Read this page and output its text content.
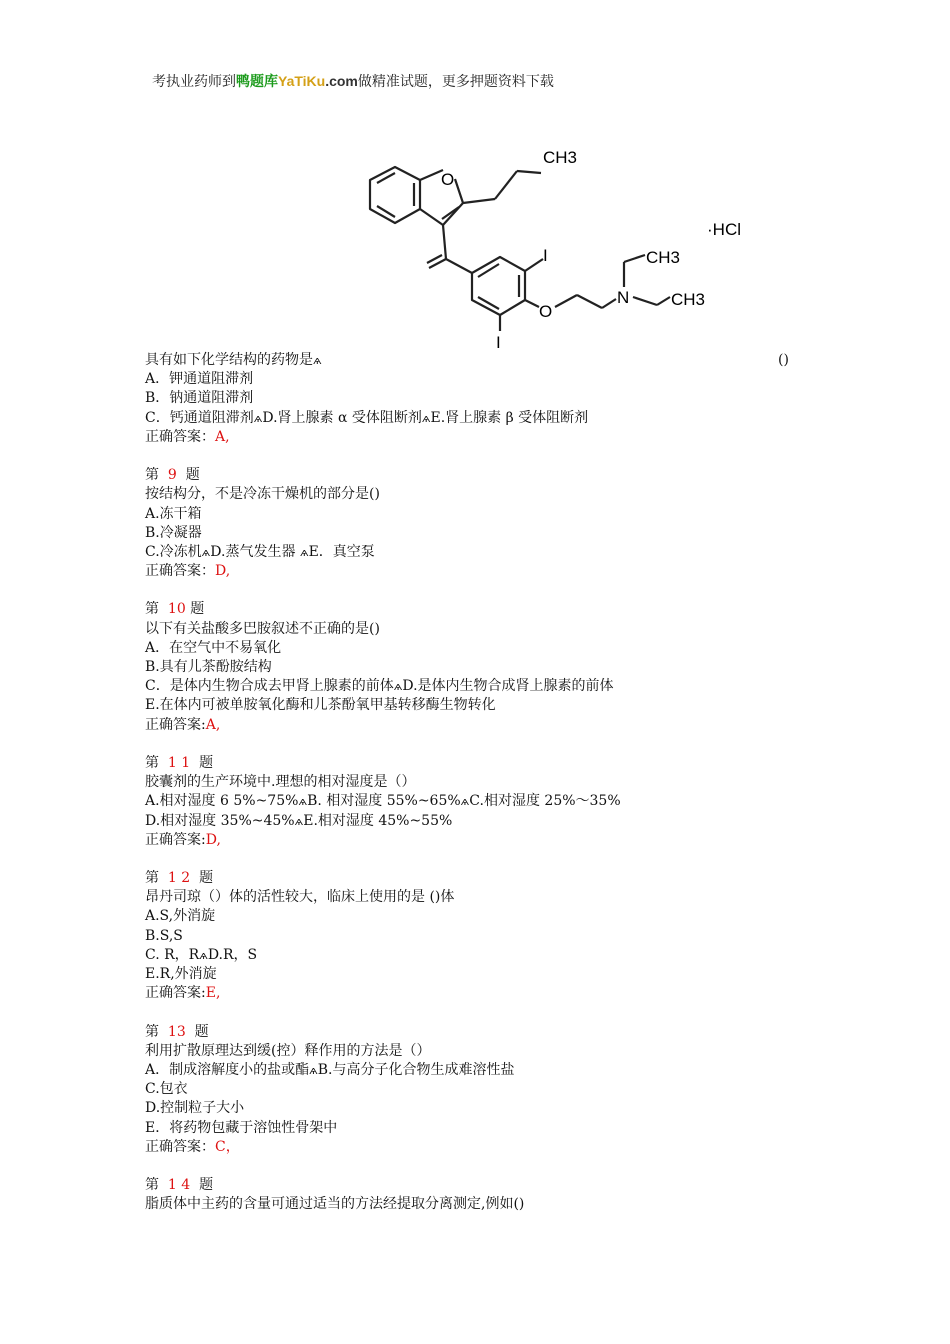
考执业药师到鸭题库YaTiKu.com做精准试题，更多押题资料下载
O
CH3
·HCl
I
I
O
N
CH3
CH3
具有如下化学结构的药物是ѧ	()
A．钾通道阻滞剂
B．钠通道阻滞剂
C．钙通道阻滞剂ѧD.肾上腺素 α 受体阻断剂ѧE.肾上腺素 β 受体阻断剂
正确答案：A,
第 9 题
按结构分，不是冷冻干燥机的部分是()
A.冻干箱
B.冷凝器
C.冷冻机ѧD.蒸气发生器 ѧE．真空泵
正确答案：D,
第 10 题
以下有关盐酸多巴胺叙述不正确的是()
A．在空气中不易氧化
B.具有儿茶酚胺结构
C．是体内生物合成去甲肾上腺素的前体ѧD.是体内生物合成肾上腺素的前体
E.在体内可被单胺氧化酶和儿茶酚氧甲基转移酶生物转化
正确答案:A,
第 1 1 题
胶囊剂的生产环境中.理想的相对湿度是（）
A.相对湿度 6 5%~75%ѧB. 相对湿度 55%~65%ѧC.相对湿度 25%～35%
D.相对湿度 35%~45%ѧE.相对湿度 45%~55%
正确答案:D,
第 1 2 题
昂丹司琼（）体的活性较大，临床上使用的是 ()体
A.S,外消旋
B.S,S
C. R，RѧD.R，S
E.R,外消旋
正确答案:E,
第 13 题
利用扩散原理达到缓(控）释作用的方法是（）
A．制成溶解度小的盐或酯ѧB.与高分子化合物生成难溶性盐
C.包衣
D.控制粒子大小
E．将药物包藏于溶蚀性骨架中
正确答案：C，
第 1 4 题
脂质体中主药的含量可通过适当的方法经提取分离测定,例如()
